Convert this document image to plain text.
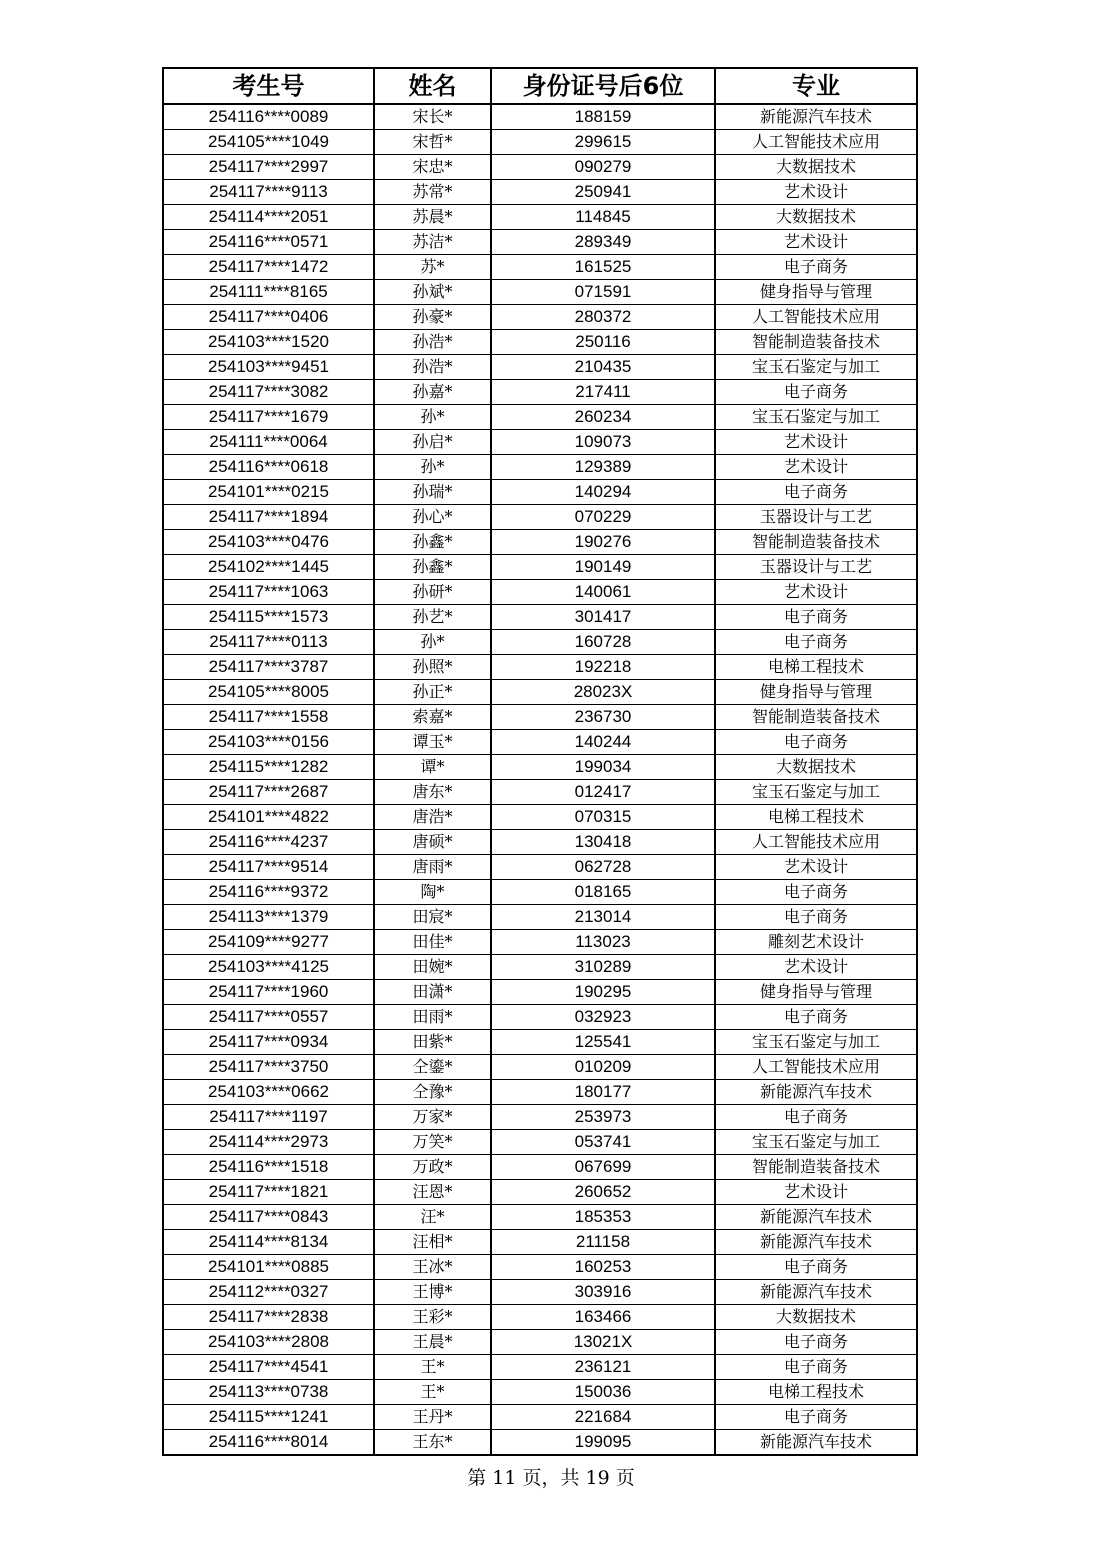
考生号	姓名	身份证号后6位	专业
254116****0089	宋长*	188159	新能源汽车技术
254105****1049	宋哲*	299615	人工智能技术应用
254117****2997	宋忠*	090279	大数据技术
254117****9113	苏常*	250941	艺术设计
254114****2051	苏晨*	114845	大数据技术
254116****0571	苏洁*	289349	艺术设计
254117****1472	苏*	161525	电子商务
254111****8165	孙斌*	071591	健身指导与管理
254117****0406	孙豪*	280372	人工智能技术应用
254103****1520	孙浩*	250116	智能制造装备技术
254103****9451	孙浩*	210435	宝玉石鉴定与加工
254117****3082	孙嘉*	217411	电子商务
254117****1679	孙*	260234	宝玉石鉴定与加工
254111****0064	孙启*	109073	艺术设计
254116****0618	孙*	129389	艺术设计
254101****0215	孙瑞*	140294	电子商务
254117****1894	孙心*	070229	玉器设计与工艺
254103****0476	孙鑫*	190276	智能制造装备技术
254102****1445	孙鑫*	190149	玉器设计与工艺
254117****1063	孙研*	140061	艺术设计
254115****1573	孙艺*	301417	电子商务
254117****0113	孙*	160728	电子商务
254117****3787	孙照*	192218	电梯工程技术
254105****8005	孙正*	28023X	健身指导与管理
254117****1558	索嘉*	236730	智能制造装备技术
254103****0156	谭玉*	140244	电子商务
254115****1282	谭*	199034	大数据技术
254117****2687	唐东*	012417	宝玉石鉴定与加工
254101****4822	唐浩*	070315	电梯工程技术
254116****4237	唐硕*	130418	人工智能技术应用
254117****9514	唐雨*	062728	艺术设计
254116****9372	陶*	018165	电子商务
254113****1379	田宸*	213014	电子商务
254109****9277	田佳*	113023	雕刻艺术设计
254103****4125	田婉*	310289	艺术设计
254117****1960	田潇*	190295	健身指导与管理
254117****0557	田雨*	032923	电子商务
254117****0934	田紫*	125541	宝玉石鉴定与加工
254117****3750	仝鎏*	010209	人工智能技术应用
254103****0662	仝豫*	180177	新能源汽车技术
254117****1197	万家*	253973	电子商务
254114****2973	万笑*	053741	宝玉石鉴定与加工
254116****1518	万政*	067699	智能制造装备技术
254117****1821	汪恩*	260652	艺术设计
254117****0843	汪*	185353	新能源汽车技术
254114****8134	汪相*	211158	新能源汽车技术
254101****0885	王冰*	160253	电子商务
254112****0327	王博*	303916	新能源汽车技术
254117****2838	王彩*	163466	大数据技术
254103****2808	王晨*	13021X	电子商务
254117****4541	王*	236121	电子商务
254113****0738	王*	150036	电梯工程技术
254115****1241	王丹*	221684	电子商务
254116****8014	王东*	199095	新能源汽车技术
第 11 页，共 19 页
